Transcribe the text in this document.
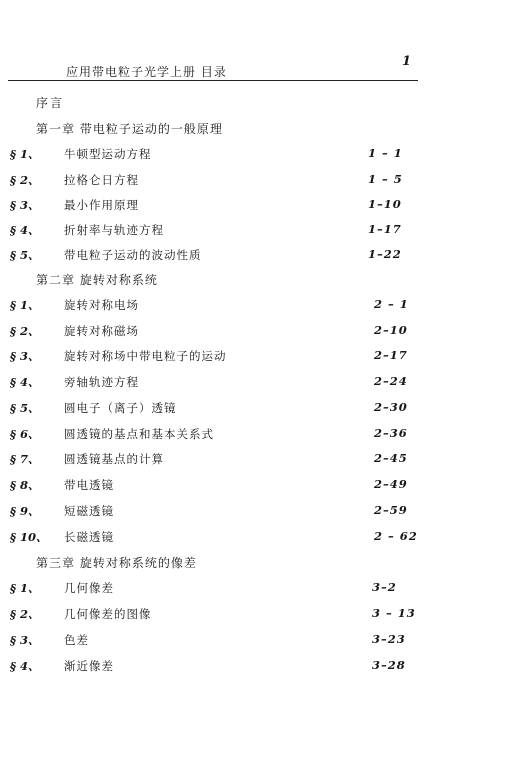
1
应用带电粒子光学上册 目录
序言
第一章 带电粒子运动的一般原理
§ 1、 牛顿型运动方程	1 – 1
§ 2、 拉格仑日方程	1 – 5
§ 3、 最小作用原理	1–10
§ 4、 折射率与轨迹方程	1–17
§ 5、 带电粒子运动的波动性质	1–22
第二章 旋转对称系统
§ 1、 旋转对称电场	2 – 1
§ 2、 旋转对称磁场	2–10
§ 3、 旋转对称场中带电粒子的运动	2–17
§ 4、 旁轴轨迹方程	2–24
§ 5、 圆电子（离子）透镜	2–30
§ 6、 圆透镜的基点和基本关系式	2–36
§ 7、 圆透镜基点的计算	2–45
§ 8、 带电透镜	2–49
§ 9、 短磁透镜	2–59
§ 10、 长磁透镜	2 – 62
第三章 旋转对称系统的像差
§ 1、 几何像差	3–2
§ 2、 几何像差的图像	3 – 13
§ 3、 色差	3–23
§ 4、 渐近像差	3–28
